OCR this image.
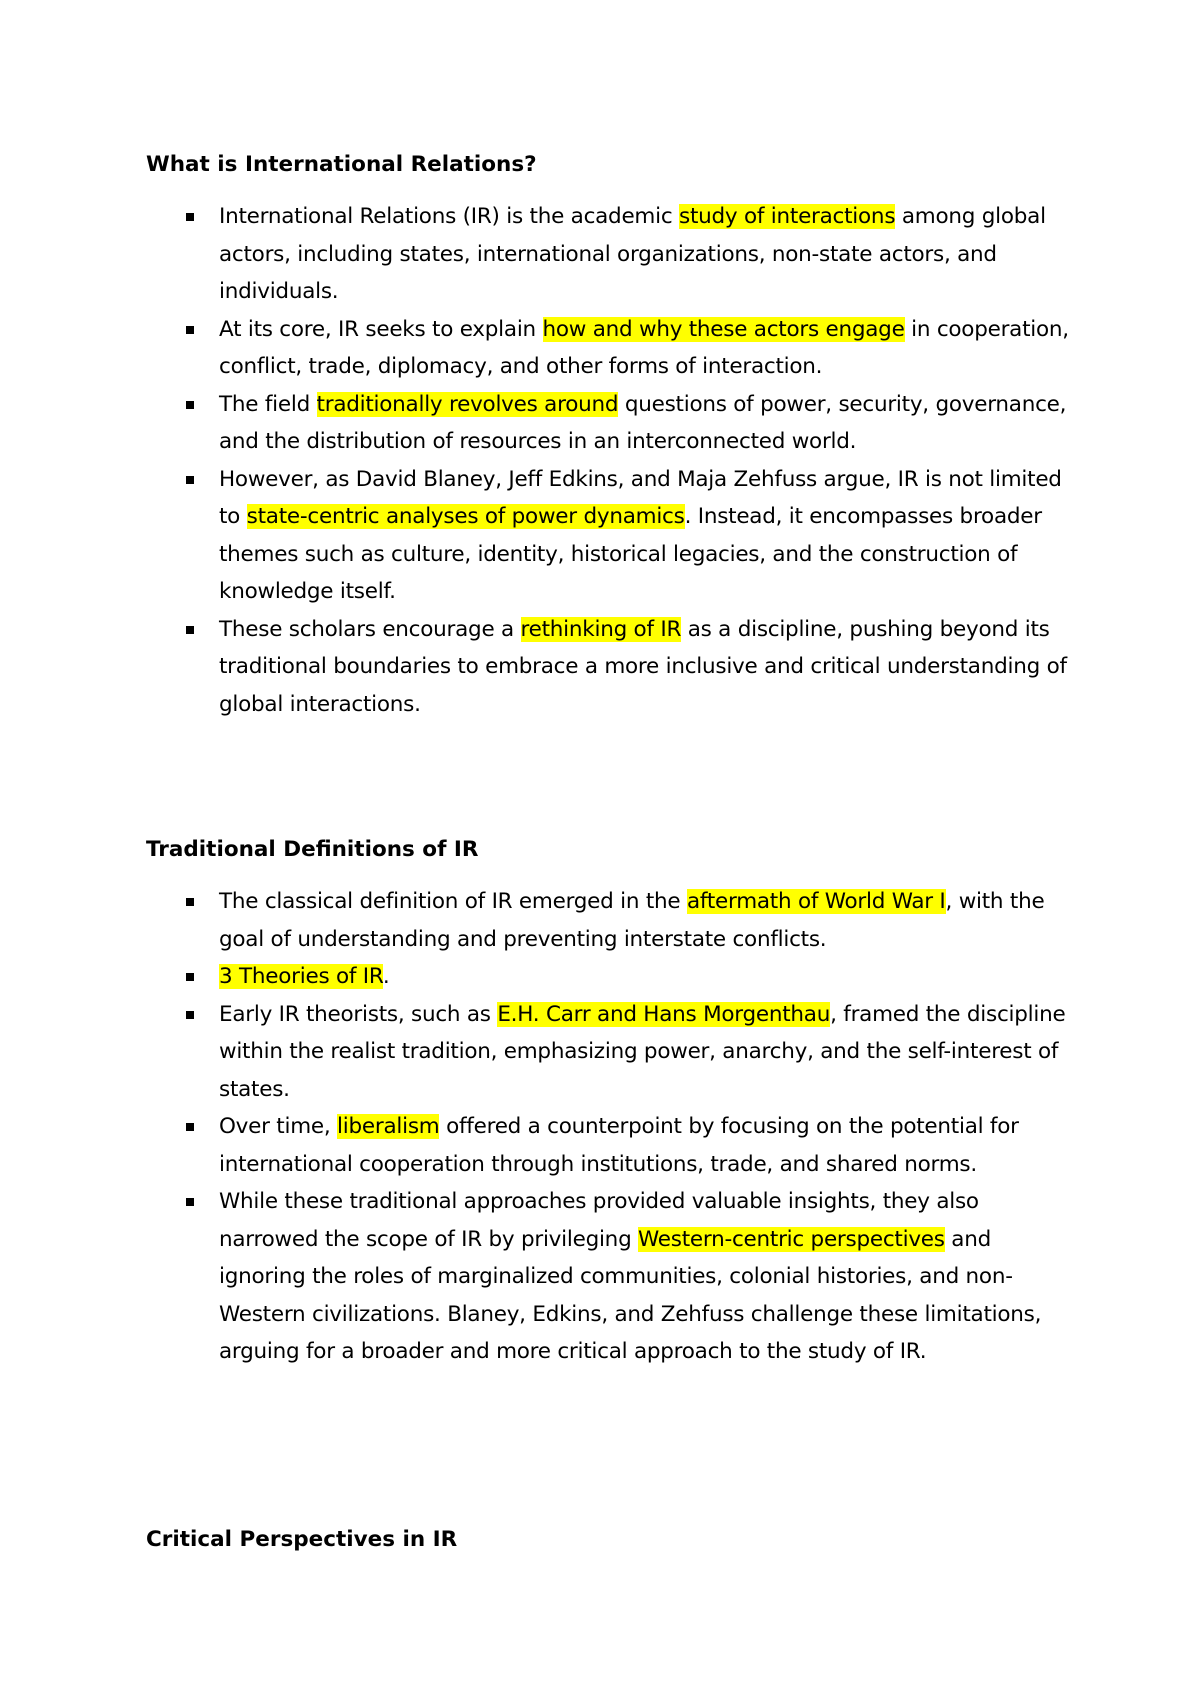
What is International Relations?
International Relations (IR) is the academic study of interactions among global actors, including states, international organizations, non-state actors, and individuals.
At its core, IR seeks to explain how and why these actors engage in cooperation, conflict, trade, diplomacy, and other forms of interaction.
The field traditionally revolves around questions of power, security, governance, and the distribution of resources in an interconnected world.
However, as David Blaney, Jeff Edkins, and Maja Zehfuss argue, IR is not limited to state-centric analyses of power dynamics. Instead, it encompasses broader themes such as culture, identity, historical legacies, and the construction of knowledge itself.
These scholars encourage a rethinking of IR as a discipline, pushing beyond its traditional boundaries to embrace a more inclusive and critical understanding of global interactions.
Traditional Definitions of IR
The classical definition of IR emerged in the aftermath of World War I, with the goal of understanding and preventing interstate conflicts.
3 Theories of IR.
Early IR theorists, such as E.H. Carr and Hans Morgenthau, framed the discipline within the realist tradition, emphasizing power, anarchy, and the self-interest of states.
Over time, liberalism offered a counterpoint by focusing on the potential for international cooperation through institutions, trade, and shared norms.
While these traditional approaches provided valuable insights, they also narrowed the scope of IR by privileging Western-centric perspectives and ignoring the roles of marginalized communities, colonial histories, and non-Western civilizations. Blaney, Edkins, and Zehfuss challenge these limitations, arguing for a broader and more critical approach to the study of IR.
Critical Perspectives in IR
